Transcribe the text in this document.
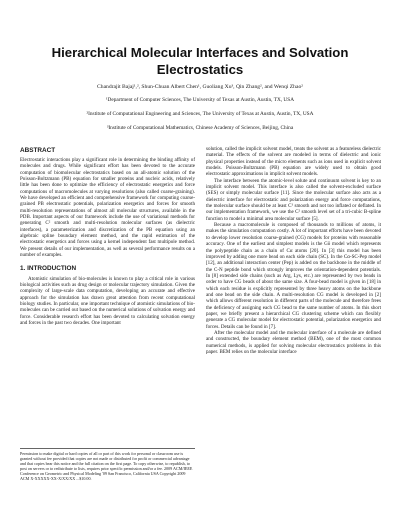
Hierarchical Molecular Interfaces and Solvation
Electrostatics
Chandrajit Bajaj¹,², Shun-Chuan Albert Chen¹, Guoliang Xu³, Qin Zhang², and Wenqi Zhao²
¹Department of Computer Sciences, The University of Texas at Austin, Austin, TX, USA
²Institute of Computational Engineering and Sciences, The University of Texas at Austin, Austin, TX, USA
³Institute of Computational Mathematics, Chinese Academy of Sciences, Beijing, China
ABSTRACT

Electrostatic interactions play a significant role in determining the binding affinity of molecules and drugs. While significant effort has been devoted to the accurate computation of biomolecular electrostatics based on an all-atomic solution of the Poisson-Boltzmann (PB) equation for smaller proteins and nucleic acids, relatively little has been done to optimize the efficiency of electrostatic energetics and force computations of macromolecules at varying resolutions (also called coarse-graining). We have developed an efficient and comprehensive framework for computing coarse-grained PB electrostatic potentials, polarization energetics and forces for smooth multi-resolution representations of almost all molecular structures, available in the PDB. Important aspects of our framework include the use of variational methods for generating C² smooth and multi-resolution molecular surfaces (as dielectric interfaces), a parameterization and discretization of the PB equation using an algebraic spline boundary element method, and the rapid estimation of the electrostatic energetics and forces using a kernel independent fast multipole method. We present details of our implementation, as well as several performance results on a number of examples.

1. INTRODUCTION

Atomistic simulation of bio-molecules is known to play a critical role in various biological activities such as drug design or molecular trajectory simulation. Given the complexity of large-scale data computation, developing an accurate and effective approach for the simulation has drawn great attention from recent computational biology studies. In particular, one important technique of atomistic simulations of bio-molecules can be carried out based on the numerical solutions of solvation energy and force. Considerable research effort has been devoted to calculating solvation energy and forces in the past two decades. One important

solution, called the implicit solvent model, treats the solvent as a featureless dielectric material. The effects of the solvent are modeled in terms of dielectric and ionic physical properties instead of the micro elements such as ions used in explicit solvent models. Poisson-Boltzmann (PB) equation are widely used to obtain good electrostatic approximations in implicit solvent models.

The interface between the atomic-level solute and continuum solvent is key to an implicit solvent model. This interface is also called the solvent-excluded surface (SES) or simply molecular surface [11]. Since the molecular surface also acts as a dielectric interface for electrostatic and polarization energy and force computations, the molecular surface should be at least C¹ smooth and not too inflated or deflated. In our implementation framework, we use the C² smooth level set of a tri-cubic B-spline function to model a minimal area molecular surface [5].

Because a macromolecule is composed of thousands to millions of atoms, it makes the simulation computation costly. A lot of important efforts have been devoted to develop lower resolution coarse-grained (CG) models for proteins with reasonable accuracy. One of the earliest and simplest models is the Gō model which represents the polypeptide chain as a chain of Cα atoms [20]. In [3] this model has been improved by adding one more bead on each side chain (SC). In the Cα-SC-Pep model [12], an additional interaction center (Pep) is added on the backbone in the middle of the C-N peptide bond which strongly improves the orientation-dependent potentials. In [8] extended side chains (such as Arg, Lys, etc.) are represented by two beads in order to have CG beads of about the same size. A four-bead model is given in [18] in which each residue is explicitly represented by three heavy atoms on the backbone and one bead on the side chain. A multi-resolution CG model is developed in [2] which allows different resolution in different parts of the molecule and therefore frees the deficiency of assigning each CG bead to the same number of atoms. In this short paper, we briefly present a hierarchical CG clustering scheme which can flexibly generate a CG molecular model for electrostatic potential, polarization energetics and forces. Details can be found in [7].

After the molecular model and the molecular interface of a molecule are defined and constructed, the boundary element method (BEM), one of the most common numerical methods, is applied for solving molecular electrostatics problems in this paper. BEM relies on the molecular interface

Permission to make digital or hard copies of all or part of this work for personal or classroom use is granted without fee provided that copies are not made or distributed for profit or commercial advantage and that copies bear this notice and the full citation on the first page. To copy otherwise, to republish, to post on servers or to redistribute to lists, requires prior specific permission and/or a fee. 2009 ACM/IEEE Conference on Geometric and Physical Modeling '09 San Francisco, California USA Copyright 2009 ACM X-XXXXX-XX-X/XX/XX ...$10.00.
